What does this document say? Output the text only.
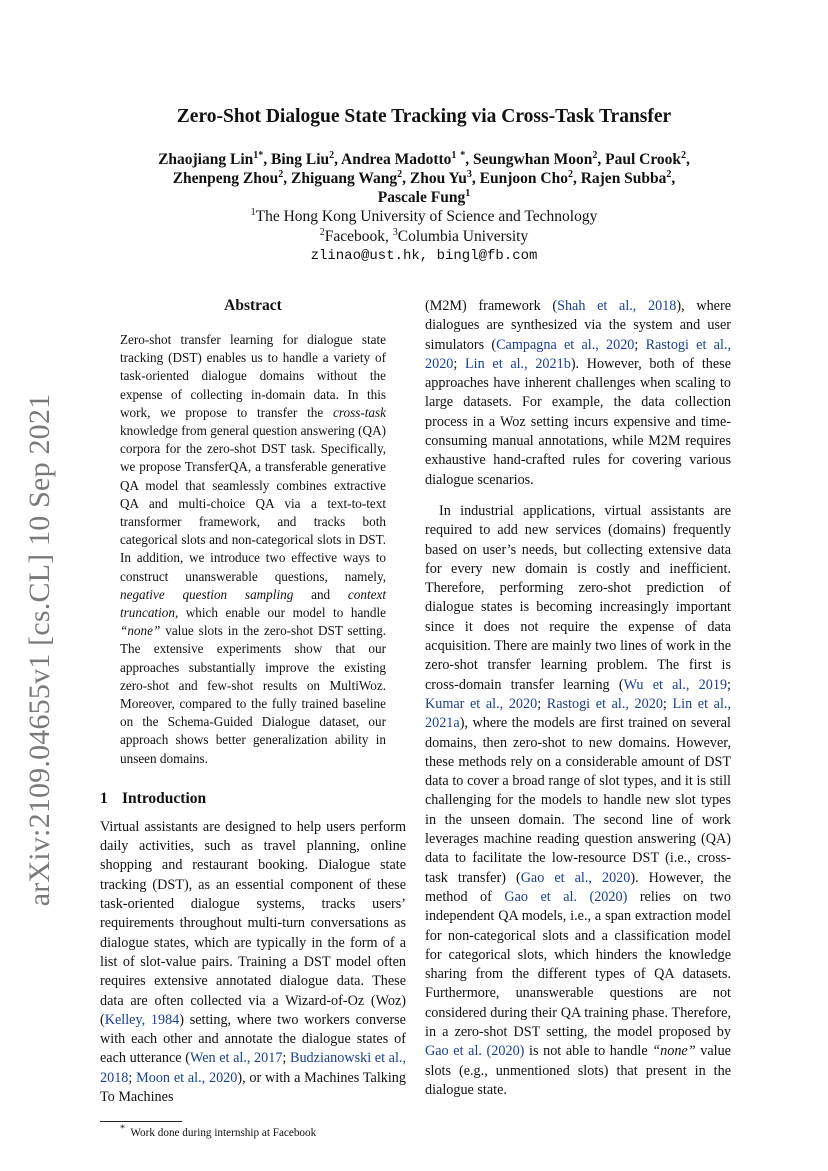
arXiv:2109.04655v1 [cs.CL] 10 Sep 2021
Zero-Shot Dialogue State Tracking via Cross-Task Transfer
Zhaojiang Lin$^{1*}$, Bing Liu$^2$, Andrea Madotto$^1$ *, Seungwhan Moon$^2$, Paul Crook$^2$,
Zhenpeng Zhou$^2$, Zhiguang Wang$^2$, Zhou Yu$^3$, Eunjoon Cho$^2$, Rajen Subba$^2$,
Pascale Fung$^1$
$^1$The Hong Kong University of Science and Technology
$^2$Facebook, $^3$Columbia University
zlinao@ust.hk, bingl@fb.com
Abstract

Zero-shot transfer learning for dialogue state tracking (DST) enables us to handle a variety of task-oriented dialogue domains without the expense of collecting in-domain data. In this work, we propose to transfer the cross-task knowledge from general question answering (QA) corpora for the zero-shot DST task. Specifically, we propose TransferQA, a transferable generative QA model that seamlessly combines extractive QA and multi-choice QA via a text-to-text transformer framework, and tracks both categorical slots and non-categorical slots in DST. In addition, we introduce two effective ways to construct unanswerable questions, namely, negative question sampling and context truncation, which enable our model to handle “none” value slots in the zero-shot DST setting. The extensive experiments show that our approaches substantially improve the existing zero-shot and few-shot results on MultiWoz. Moreover, compared to the fully trained baseline on the Schema-Guided Dialogue dataset, our approach shows better generalization ability in unseen domains.

1 Introduction

Virtual assistants are designed to help users perform daily activities, such as travel planning, online shopping and restaurant booking. Dialogue state tracking (DST), as an essential component of these task-oriented dialogue systems, tracks users’ requirements throughout multi-turn conversations as dialogue states, which are typically in the form of a list of slot-value pairs. Training a DST model often requires extensive annotated dialogue data. These data are often collected via a Wizard-of-Oz (Woz) (Kelley, 1984) setting, where two workers converse with each other and annotate the dialogue states of each utterance (Wen et al., 2017; Budzianowski et al., 2018; Moon et al., 2020), or with a Machines Talking To Machines

*  Work done during internship at Facebook

(M2M) framework (Shah et al., 2018), where dialogues are synthesized via the system and user simulators (Campagna et al., 2020; Rastogi et al., 2020; Lin et al., 2021b). However, both of these approaches have inherent challenges when scaling to large datasets. For example, the data collection process in a Woz setting incurs expensive and time-consuming manual annotations, while M2M requires exhaustive hand-crafted rules for covering various dialogue scenarios.

In industrial applications, virtual assistants are required to add new services (domains) frequently based on user’s needs, but collecting extensive data for every new domain is costly and inefficient. Therefore, performing zero-shot prediction of dialogue states is becoming increasingly important since it does not require the expense of data acquisition. There are mainly two lines of work in the zero-shot transfer learning problem. The first is cross-domain transfer learning (Wu et al., 2019; Kumar et al., 2020; Rastogi et al., 2020; Lin et al., 2021a), where the models are first trained on several domains, then zero-shot to new domains. However, these methods rely on a considerable amount of DST data to cover a broad range of slot types, and it is still challenging for the models to handle new slot types in the unseen domain. The second line of work leverages machine reading question answering (QA) data to facilitate the low-resource DST (i.e., cross-task transfer) (Gao et al., 2020). However, the method of Gao et al. (2020) relies on two independent QA models, i.e., a span extraction model for non-categorical slots and a classification model for categorical slots, which hinders the knowledge sharing from the different types of QA datasets. Furthermore, unanswerable questions are not considered during their QA training phase. Therefore, in a zero-shot DST setting, the model proposed by Gao et al. (2020) is not able to handle “none” value slots (e.g., unmentioned slots) that present in the dialogue state.
